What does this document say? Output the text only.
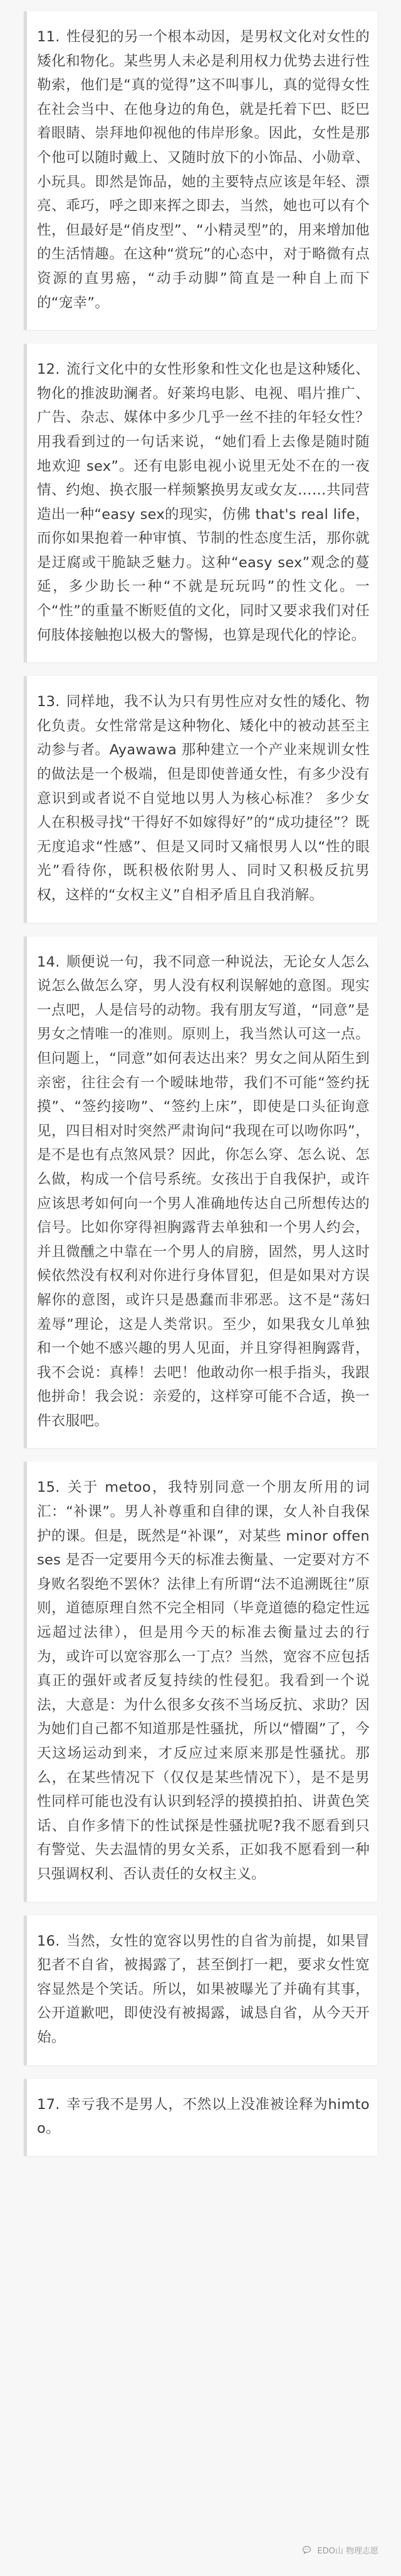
11. 性侵犯的另一个根本动因，是男权文化对女性的矮化和物化。某些男人未必是利用权力优势去进行性勒索，他们是“真的觉得”这不叫事儿，真的觉得女性在社会当中、在他身边的角色，就是托着下巴、眨巴着眼睛、崇拜地仰视他的伟岸形象。因此，女性是那个他可以随时戴上、又随时放下的小饰品、小勋章、小玩具。即然是饰品，她的主要特点应该是年轻、漂亮、乖巧，呼之即来挥之即去，当然，她也可以有个性，但最好是“俏皮型”、“小精灵型”的，用来增加他的生活情趣。在这种“赏玩”的心态中，对于略微有点资源的直男癌，“动手动脚”简直是一种自上而下的“宠幸”。
12. 流行文化中的女性形象和性文化也是这种矮化、物化的推波助澜者。好莱坞电影、电视、唱片推广、广告、杂志、媒体中多少几乎一丝不挂的年轻女性？用我看到过的一句话来说，“她们看上去像是随时随地欢迎 sex”。还有电影电视小说里无处不在的一夜情、约炮、换衣服一样频繁换男友或女友……共同营造出一种“easy sex的现实，仿佛 that's real life，而你如果抱着一种审慎、节制的性态度生活，那你就是迂腐或干脆缺乏魅力。这种“easy sex”观念的蔓延，多少助长一种“不就是玩玩吗”的性文化。一个“性”的重量不断贬值的文化，同时又要求我们对任何肢体接触抱以极大的警惕，也算是现代化的悖论。
13. 同样地，我不认为只有男性应对女性的矮化、物化负责。女性常常是这种物化、矮化中的被动甚至主动参与者。Ayawawa 那种建立一个产业来规训女性的做法是一个极端，但是即使普通女性，有多少没有意识到或者说不自觉地以男人为核心标准？ 多少女人在积极寻找“干得好不如嫁得好”的“成功捷径”？既无度追求“性感”、但是又同时又痛恨男人以“性的眼光”看待你，既积极依附男人、同时又积极反抗男权，这样的“女权主义”自相矛盾且自我消解。
14. 顺便说一句，我不同意一种说法，无论女人怎么说怎么做怎么穿，男人没有权利误解她的意图。现实一点吧，人是信号的动物。我有朋友写道，“同意”是男女之情唯一的准则。原则上，我当然认可这一点。但问题上，“同意”如何表达出来？男女之间从陌生到亲密，往往会有一个暧昧地带，我们不可能“签约抚摸”、“签约接吻”、“签约上床”，即使是口头征询意见，四目相对时突然严肃询问“我现在可以吻你吗”，是不是也有点煞风景？因此，你怎么穿、怎么说、怎么做，构成一个信号系统。女孩出于自我保护，或许应该思考如何向一个男人准确地传达自己所想传达的信号。比如你穿得袒胸露背去单独和一个男人约会，并且微醺之中靠在一个男人的肩膀，固然，男人这时候依然没有权利对你进行身体冒犯，但是如果对方误解你的意图，或许只是愚蠢而非邪恶。这不是“荡妇羞辱”理论，这是人类常识。至少，如果我女儿单独和一个她不感兴趣的男人见面，并且穿得袒胸露背，我不会说：真棒！去吧！他敢动你一根手指头，我跟他拼命！我会说：亲爱的，这样穿可能不合适，换一件衣服吧。
15. 关于 metoo，我特别同意一个朋友所用的词汇：“补课”。男人补尊重和自律的课，女人补自我保护的课。但是，既然是“补课”，对某些 minor offenses 是否一定要用今天的标准去衡量、一定要对方不身败名裂绝不罢休？法律上有所谓“法不追溯既往”原则，道德原理自然不完全相同（毕竟道德的稳定性远远超过法律），但是用今天的标准去衡量过去的行为，或许可以宽容那么一丁点？当然，宽容不应包括真正的强奸或者反复持续的性侵犯。我看到一个说法，大意是：为什么很多女孩不当场反抗、求助？因为她们自己都不知道那是性骚扰，所以“懵圈”了，今天这场运动到来，才反应过来原来那是性骚扰。那么，在某些情况下（仅仅是某些情况下），是不是男性同样可能也没有认识到轻浮的摸摸拍拍、讲黄色笑话、自作多情下的性试探是性骚扰呢?我不愿看到只有警觉、失去温情的男女关系，正如我不愿看到一种只强调权利、否认责任的女权主义。
16. 当然，女性的宽容以男性的自省为前提，如果冒犯者不自省，被揭露了，甚至倒打一耙，要求女性宽容显然是个笑话。所以，如果被曝光了并确有其事，公开道歉吧，即使没有被揭露，诚恳自省，从今天开始。
17. 幸亏我不是男人，不然以上没准被诠释为himtoo。
EDO山 物理志愿
